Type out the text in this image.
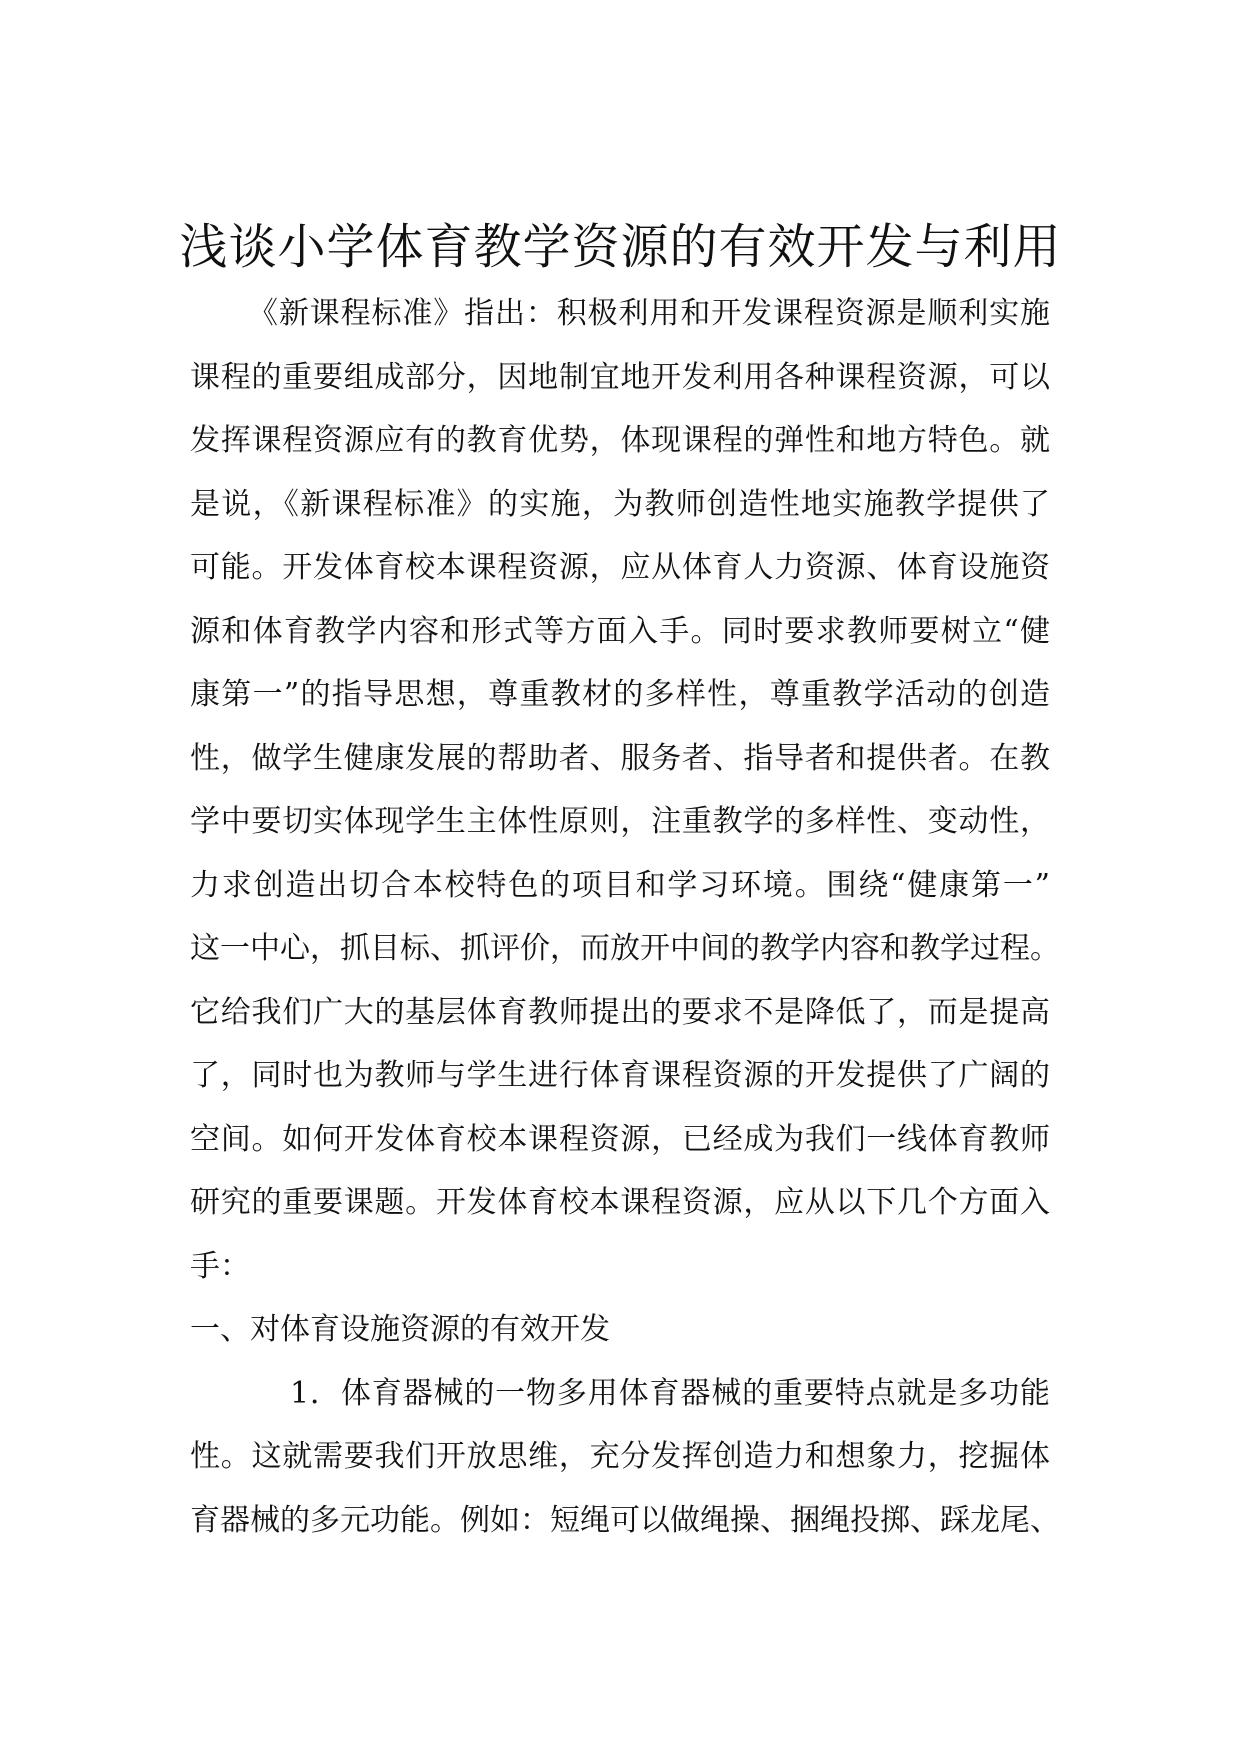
浅谈小学体育教学资源的有效开发与利用
《新课程标准》指出：积极利用和开发课程资源是顺利实施
课程的重要组成部分，因地制宜地开发利用各种课程资源，可以
发挥课程资源应有的教育优势，体现课程的弹性和地方特色。就
是说，《新课程标准》的实施，为教师创造性地实施教学提供了
可能。开发体育校本课程资源，应从体育人力资源、体育设施资
源和体育教学内容和形式等方面入手。同时要求教师要树立“健
康第一”的指导思想，尊重教材的多样性，尊重教学活动的创造
性，做学生健康发展的帮助者、服务者、指导者和提供者。在教
学中要切实体现学生主体性原则，注重教学的多样性、变动性，
力求创造出切合本校特色的项目和学习环境。围绕“健康第一”
这一中心，抓目标、抓评价，而放开中间的教学内容和教学过程。
它给我们广大的基层体育教师提出的要求不是降低了，而是提高
了，同时也为教师与学生进行体育课程资源的开发提供了广阔的
空间。如何开发体育校本课程资源，已经成为我们一线体育教师
研究的重要课题。开发体育校本课程资源，应从以下几个方面入
手：
一、对体育设施资源的有效开发
1．体育器械的一物多用体育器械的重要特点就是多功能
性。这就需要我们开放思维，充分发挥创造力和想象力，挖掘体
育器械的多元功能。例如：短绳可以做绳操、捆绳投掷、踩龙尾、
